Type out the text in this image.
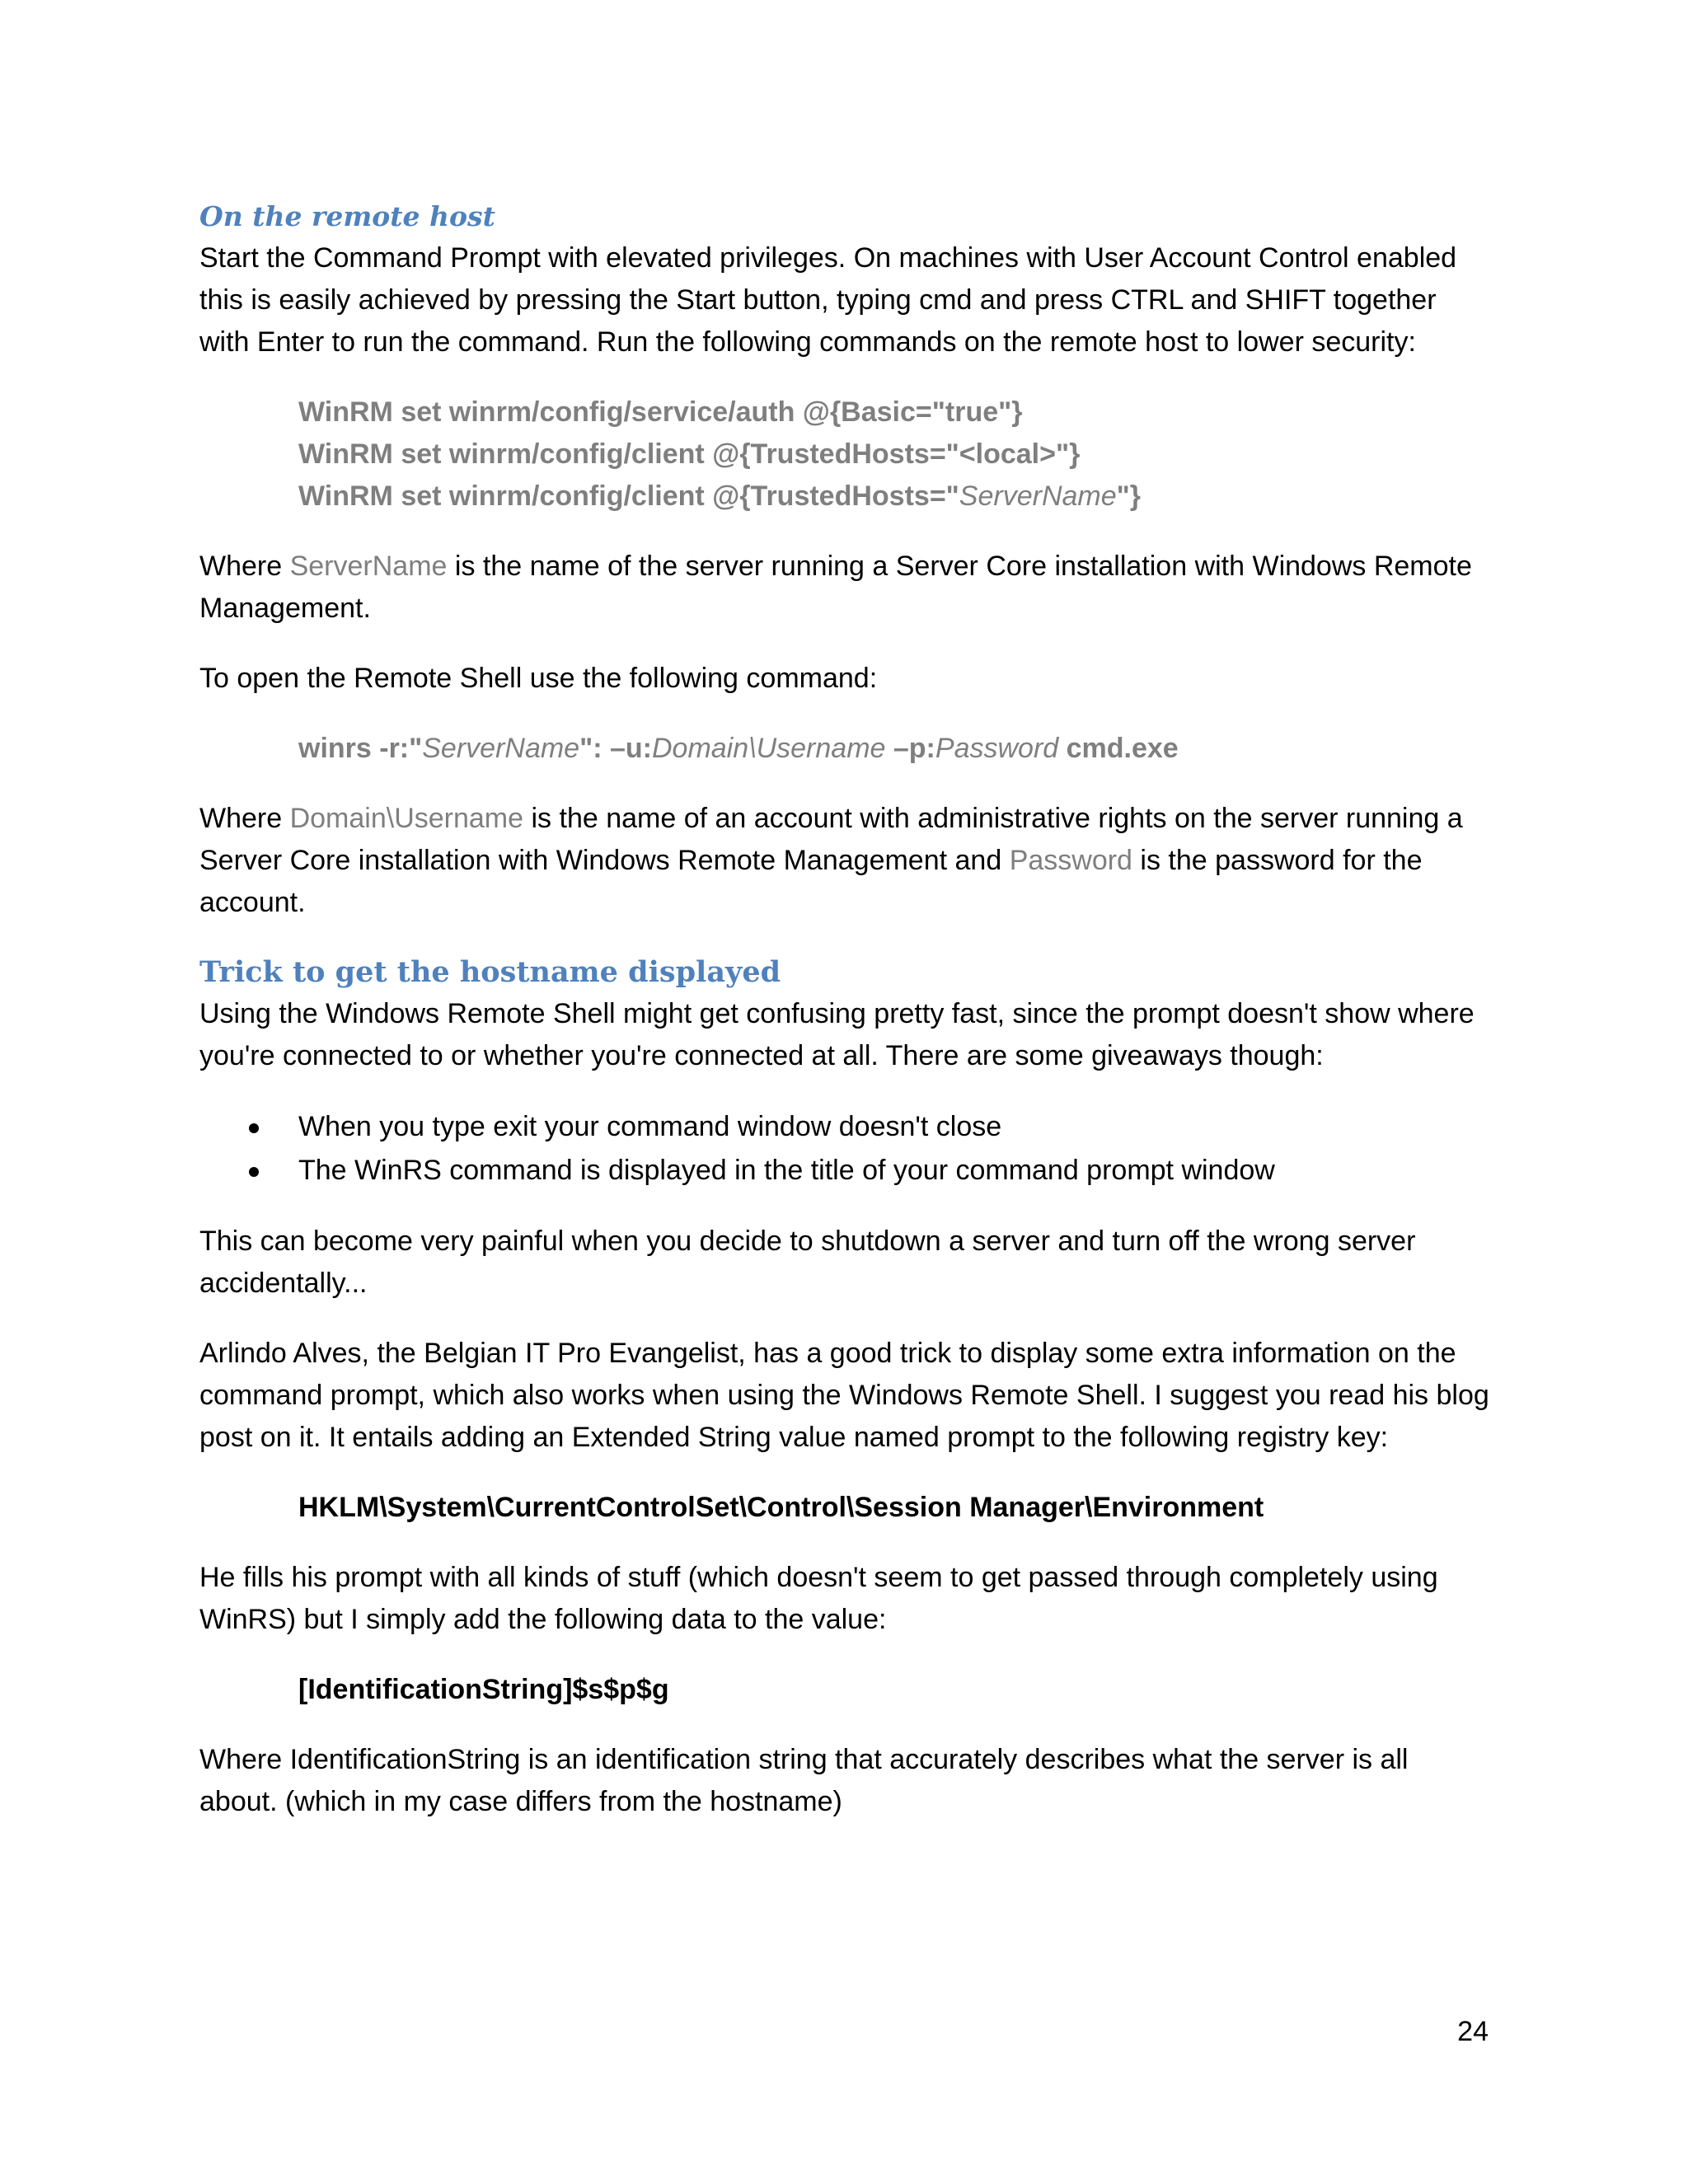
On the remote host

Start the Command Prompt with elevated privileges. On machines with User Account Control enabled this is easily achieved by pressing the Start button, typing cmd and press CTRL and SHIFT together with Enter to run the command. Run the following commands on the remote host to lower security:

WinRM set winrm/config/service/auth @{Basic="true"}
WinRM set winrm/config/client @{TrustedHosts="<local>"}
WinRM set winrm/config/client @{TrustedHosts="ServerName"}

Where ServerName is the name of the server running a Server Core installation with Windows Remote Management.

To open the Remote Shell use the following command:

winrs -r:"ServerName": –u:Domain\Username –p:Password cmd.exe

Where Domain\Username is the name of an account with administrative rights on the server running a Server Core installation with Windows Remote Management and Password is the password for the account.

Trick to get the hostname displayed

Using the Windows Remote Shell might get confusing pretty fast, since the prompt doesn't show where you're connected to or whether you're connected at all. There are some giveaways though:

When you type exit your command window doesn't close
The WinRS command is displayed in the title of your command prompt window

This can become very painful when you decide to shutdown a server and turn off the wrong server accidentally...

Arlindo Alves, the Belgian IT Pro Evangelist, has a good trick to display some extra information on the command prompt, which also works when using the Windows Remote Shell. I suggest you read his blog post on it. It entails adding an Extended String value named prompt to the following registry key:

HKLM\System\CurrentControlSet\Control\Session Manager\Environment

He fills his prompt with all kinds of stuff (which doesn't seem to get passed through completely using WinRS) but I simply add the following data to the value:

[IdentificationString]$s$p$g

Where IdentificationString is an identification string that accurately describes what the server is all about. (which in my case differs from the hostname)

24
